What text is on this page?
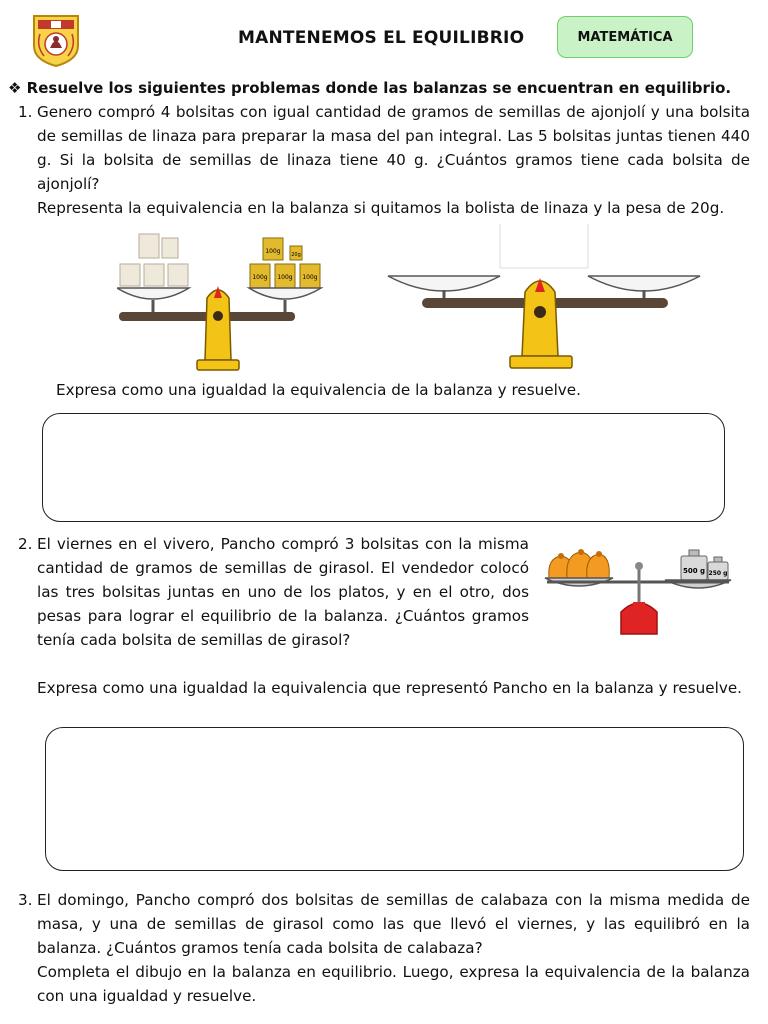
MANTENEMOS EL EQUILIBRIO	MATEMÁTICA
❖ Resuelve los siguientes problemas donde las balanzas se encuentran en equilibrio.
1. Genero compró 4 bolsitas con igual cantidad de gramos de semillas de ajonjolí y una bolsita de semillas de linaza para preparar la masa del pan integral. Las 5 bolsitas juntas tienen 440 g. Si la bolsita de semillas de linaza tiene 40 g. ¿Cuántos gramos tiene cada bolsita de ajonjolí?
Representa la equivalencia en la balanza si quitamos la bolista de linaza y la pesa de 20g.
100g 20g
100g 100g 100g
Expresa como una igualdad la equivalencia de la balanza y resuelve.
2. El viernes en el vivero, Pancho compró 3 bolsitas con la misma cantidad de gramos de semillas de girasol. El vendedor colocó las tres bolsitas juntas en uno de los platos, y en el otro, dos pesas para lograr el equilibrio de la balanza. ¿Cuántos gramos tenía cada bolsita de semillas de girasol?
500 g 250 g
Expresa como una igualdad la equivalencia que representó Pancho en la balanza y resuelve.
3. El domingo, Pancho compró dos bolsitas de semillas de calabaza con la misma medida de masa, y una de semillas de girasol como las que llevó el viernes, y las equilibró en la balanza. ¿Cuántos gramos tenía cada bolsita de calabaza?
Completa el dibujo en la balanza en equilibrio. Luego, expresa la equivalencia de la balanza con una igualdad y resuelve.
